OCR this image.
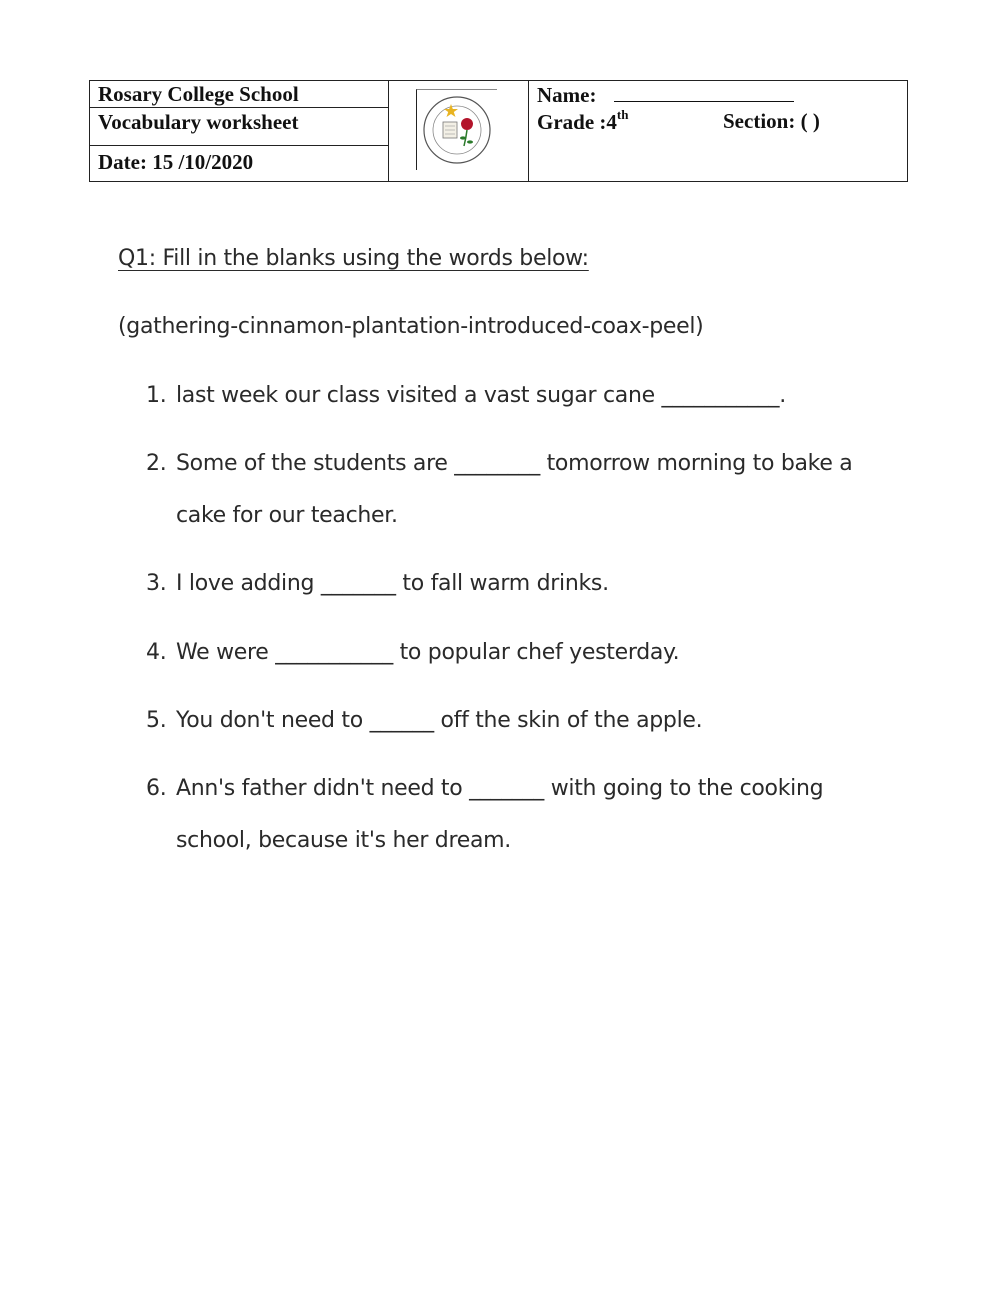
Rosary College School
Vocabulary worksheet
Date: 15 /10/2020
Name:
Grade :4th	Section: ( )
Q1: Fill in the blanks using the words below:
(gathering-cinnamon-plantation-introduced-coax-peel)
1. last week our class visited a vast sugar cane ___________.
2. Some of the students are ________ tomorrow morning to bake a cake for our teacher.
3. I love adding _______ to fall warm drinks.
4. We were ___________ to popular chef yesterday.
5. You don't need to ______ off the skin of the apple.
6. Ann's father didn't need to _______ with going to the cooking school, because it's her dream.
